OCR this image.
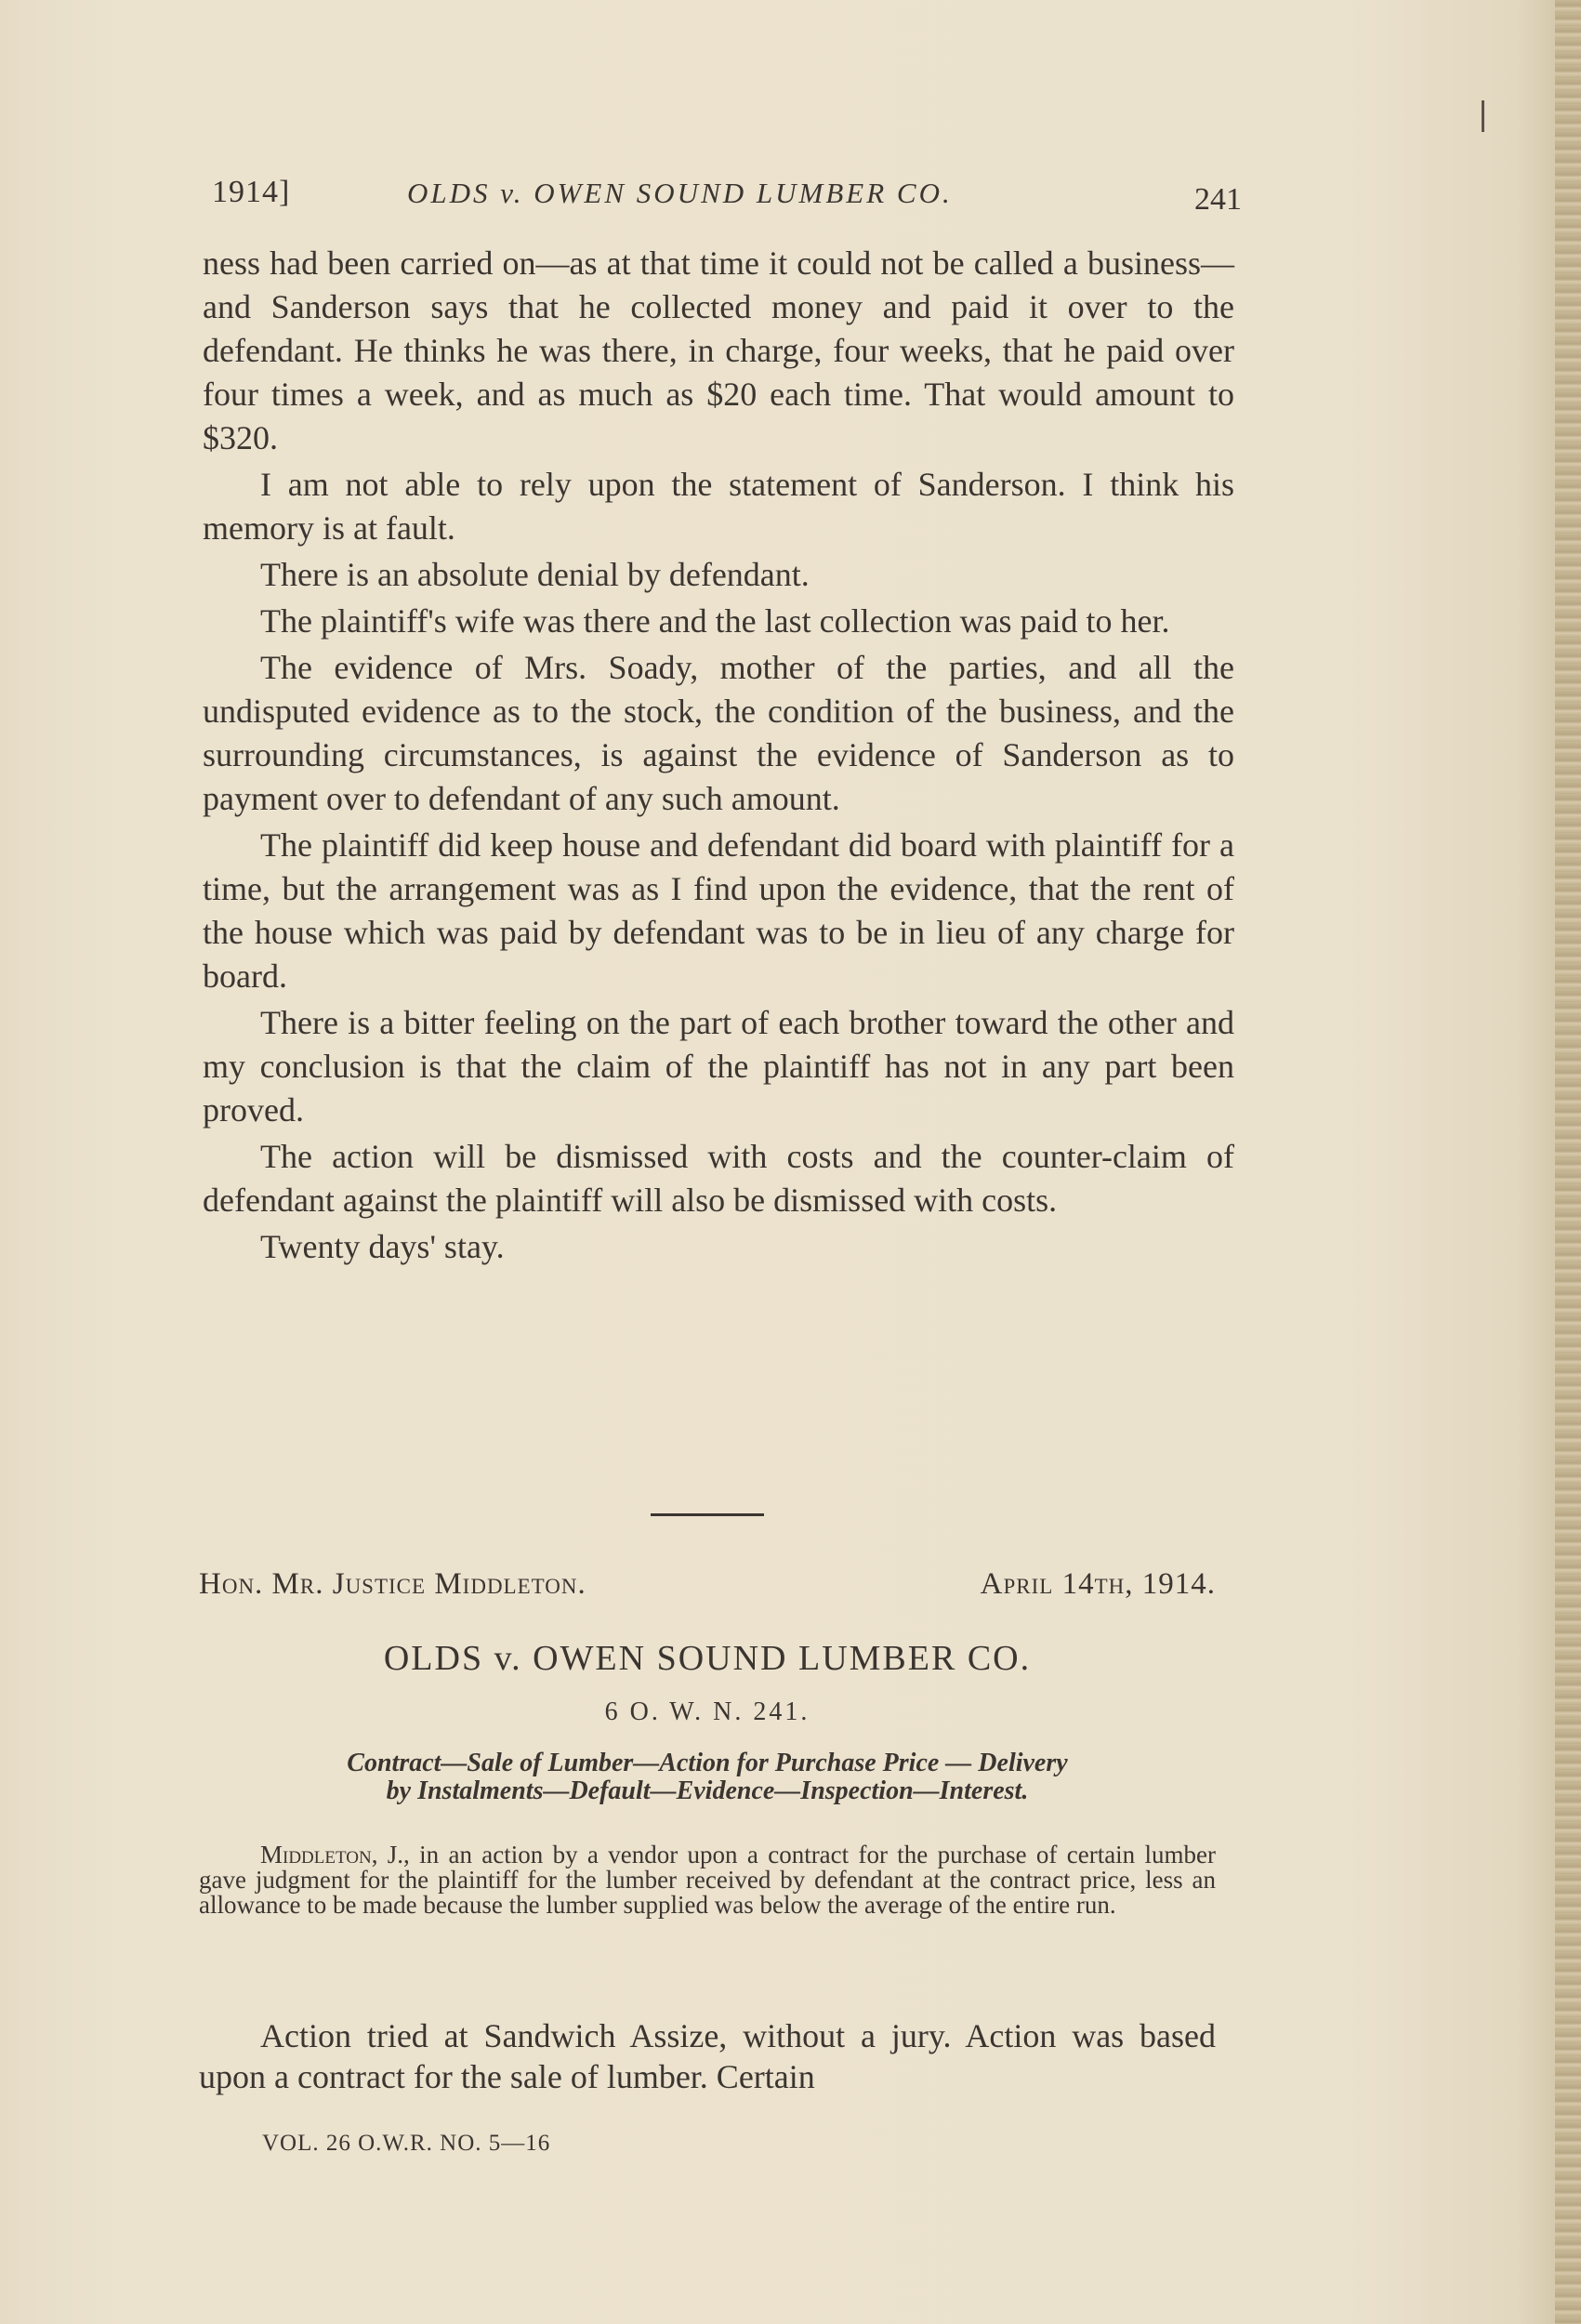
1914]	OLDS v. OWEN SOUND LUMBER CO.	241

ness had been carried on—as at that time it could not be called a business—and Sanderson says that he collected money and paid it over to the defendant. He thinks he was there, in charge, four weeks, that he paid over four times a week, and as much as $20 each time. That would amount to $320.

I am not able to rely upon the statement of Sanderson. I think his memory is at fault.

There is an absolute denial by defendant.

The plaintiff's wife was there and the last collection was paid to her.

The evidence of Mrs. Soady, mother of the parties, and all the undisputed evidence as to the stock, the condition of the business, and the surrounding circumstances, is against the evidence of Sanderson as to payment over to defendant of any such amount.

The plaintiff did keep house and defendant did board with plaintiff for a time, but the arrangement was as I find upon the evidence, that the rent of the house which was paid by defendant was to be in lieu of any charge for board.

There is a bitter feeling on the part of each brother toward the other and my conclusion is that the claim of the plaintiff has not in any part been proved.

The action will be dismissed with costs and the counter-claim of defendant against the plaintiff will also be dismissed with costs.

Twenty days' stay.

Hon. Mr. Justice Middleton.	April 14th, 1914.
OLDS v. OWEN SOUND LUMBER CO.
6 O. W. N. 241.
Contract—Sale of Lumber—Action for Purchase Price — Delivery
by Instalments—Default—Evidence—Inspection—Interest.
Middleton, J., in an action by a vendor upon a contract for the purchase of certain lumber gave judgment for the plaintiff for the lumber received by defendant at the contract price, less an allowance to be made because the lumber supplied was below the average of the entire run.
Action tried at Sandwich Assize, without a jury. Action was based upon a contract for the sale of lumber. Certain
VOL. 26 O.W.R. NO. 5—16
